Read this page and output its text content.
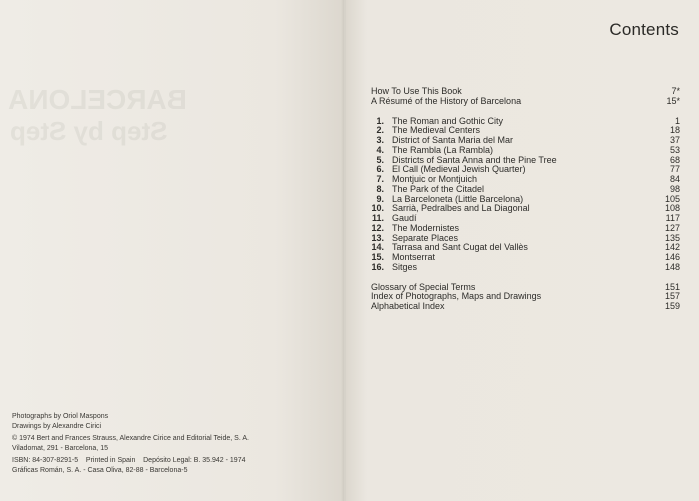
BARCELONA
Step by Step
Photographs by Oriol Maspons
Drawings by Alexandre Cirici
© 1974 Bert and Frances Strauss, Alexandre Cirice and Editorial Teide, S. A.
Viladomat, 291 - Barcelona, 15
ISBN: 84-307-8291-5    Printed in Spain    Depósito Legal: B. 35.942 - 1974
Gráficas Román, S. A. - Casa Oliva, 82-88 - Barcelona-5
Contents
How To Use This Book	7*
A Résumé of the History of Barcelona	15*
1. The Roman and Gothic City	1
2. The Medieval Centers	18
3. District of Santa Maria del Mar	37
4. The Rambla (La Rambla)	53
5. Districts of Santa Anna and the Pine Tree	68
6. El Call (Medieval Jewish Quarter)	77
7. Montjuic or Montjuich	84
8. The Park of the Citadel	98
9. La Barceloneta (Little Barcelona)	105
10. Sarrià, Pedralbes and La Diagonal	108
11. Gaudí	117
12. The Modernistes	127
13. Separate Places	135
14. Tarrasa and Sant Cugat del Vallès	142
15. Montserrat	146
16. Sitges	148
Glossary of Special Terms	151
Index of Photographs, Maps and Drawings	157
Alphabetical Index	159
